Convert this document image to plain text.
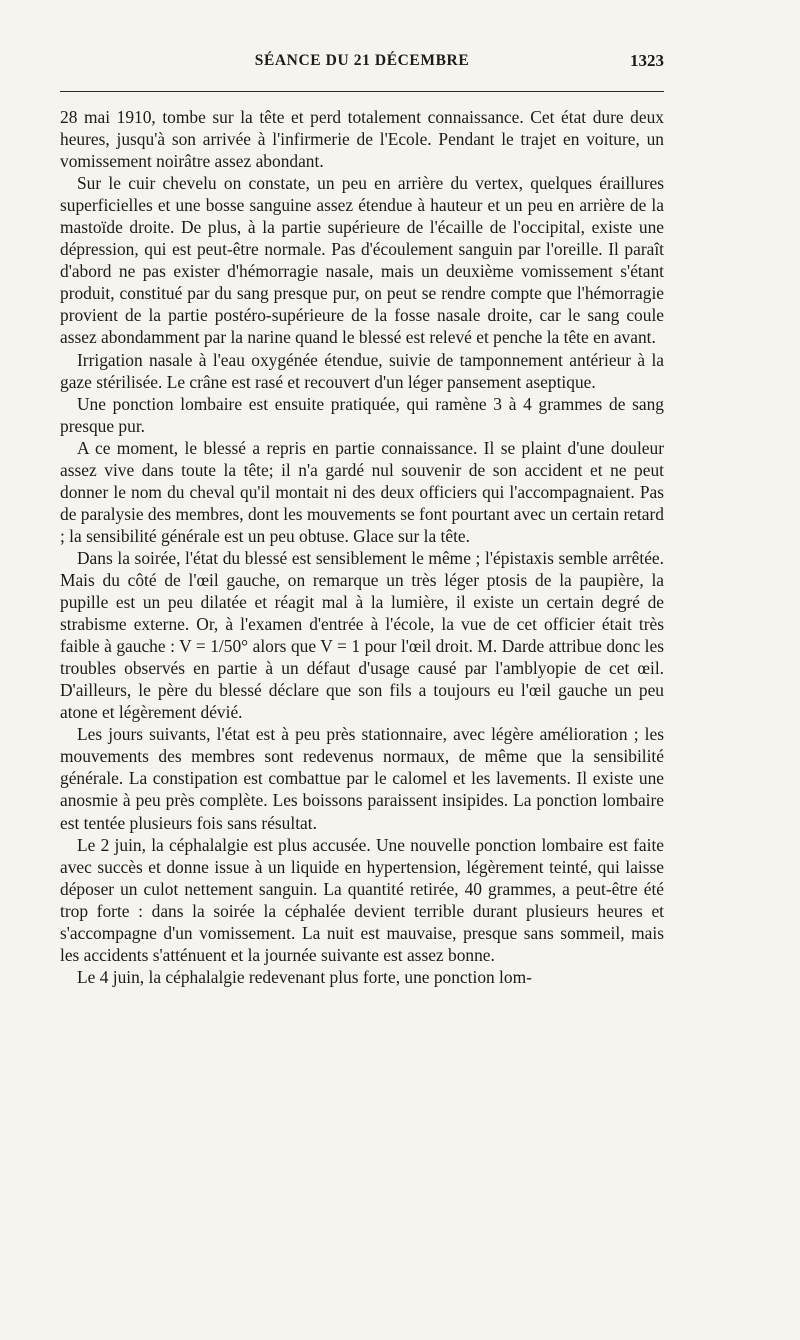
SÉANCE DU 21 DÉCEMBRE	1323

28 mai 1910, tombe sur la tête et perd totalement connaissance. Cet état dure deux heures, jusqu'à son arrivée à l'infirmerie de l'Ecole. Pendant le trajet en voiture, un vomissement noirâtre assez abondant.

Sur le cuir chevelu on constate, un peu en arrière du vertex, quelques éraillures superficielles et une bosse sanguine assez étendue à hauteur et un peu en arrière de la mastoïde droite. De plus, à la partie supérieure de l'écaille de l'occipital, existe une dépression, qui est peut-être normale. Pas d'écoulement sanguin par l'oreille. Il paraît d'abord ne pas exister d'hémorragie nasale, mais un deuxième vomissement s'étant produit, constitué par du sang presque pur, on peut se rendre compte que l'hémorragie provient de la partie postéro-supérieure de la fosse nasale droite, car le sang coule assez abondamment par la narine quand le blessé est relevé et penche la tête en avant.

Irrigation nasale à l'eau oxygénée étendue, suivie de tamponnement antérieur à la gaze stérilisée. Le crâne est rasé et recouvert d'un léger pansement aseptique.

Une ponction lombaire est ensuite pratiquée, qui ramène 3 à 4 grammes de sang presque pur.

A ce moment, le blessé a repris en partie connaissance. Il se plaint d'une douleur assez vive dans toute la tête; il n'a gardé nul souvenir de son accident et ne peut donner le nom du cheval qu'il montait ni des deux officiers qui l'accompagnaient. Pas de paralysie des membres, dont les mouvements se font pourtant avec un certain retard ; la sensibilité générale est un peu obtuse. Glace sur la tête.

Dans la soirée, l'état du blessé est sensiblement le même ; l'épistaxis semble arrêtée. Mais du côté de l'œil gauche, on remarque un très léger ptosis de la paupière, la pupille est un peu dilatée et réagit mal à la lumière, il existe un certain degré de strabisme externe. Or, à l'examen d'entrée à l'école, la vue de cet officier était très faible à gauche : V = 1/50° alors que V = 1 pour l'œil droit. M. Darde attribue donc les troubles observés en partie à un défaut d'usage causé par l'amblyopie de cet œil. D'ailleurs, le père du blessé déclare que son fils a toujours eu l'œil gauche un peu atone et légèrement dévié.

Les jours suivants, l'état est à peu près stationnaire, avec légère amélioration ; les mouvements des membres sont redevenus normaux, de même que la sensibilité générale. La constipation est combattue par le calomel et les lavements. Il existe une anosmie à peu près complète. Les boissons paraissent insipides. La ponction lombaire est tentée plusieurs fois sans résultat.

Le 2 juin, la céphalalgie est plus accusée. Une nouvelle ponction lombaire est faite avec succès et donne issue à un liquide en hypertension, légèrement teinté, qui laisse déposer un culot nettement sanguin. La quantité retirée, 40 grammes, a peut-être été trop forte : dans la soirée la céphalée devient terrible durant plusieurs heures et s'accompagne d'un vomissement. La nuit est mauvaise, presque sans sommeil, mais les accidents s'atténuent et la journée suivante est assez bonne.

Le 4 juin, la céphalalgie redevenant plus forte, une ponction lom-
